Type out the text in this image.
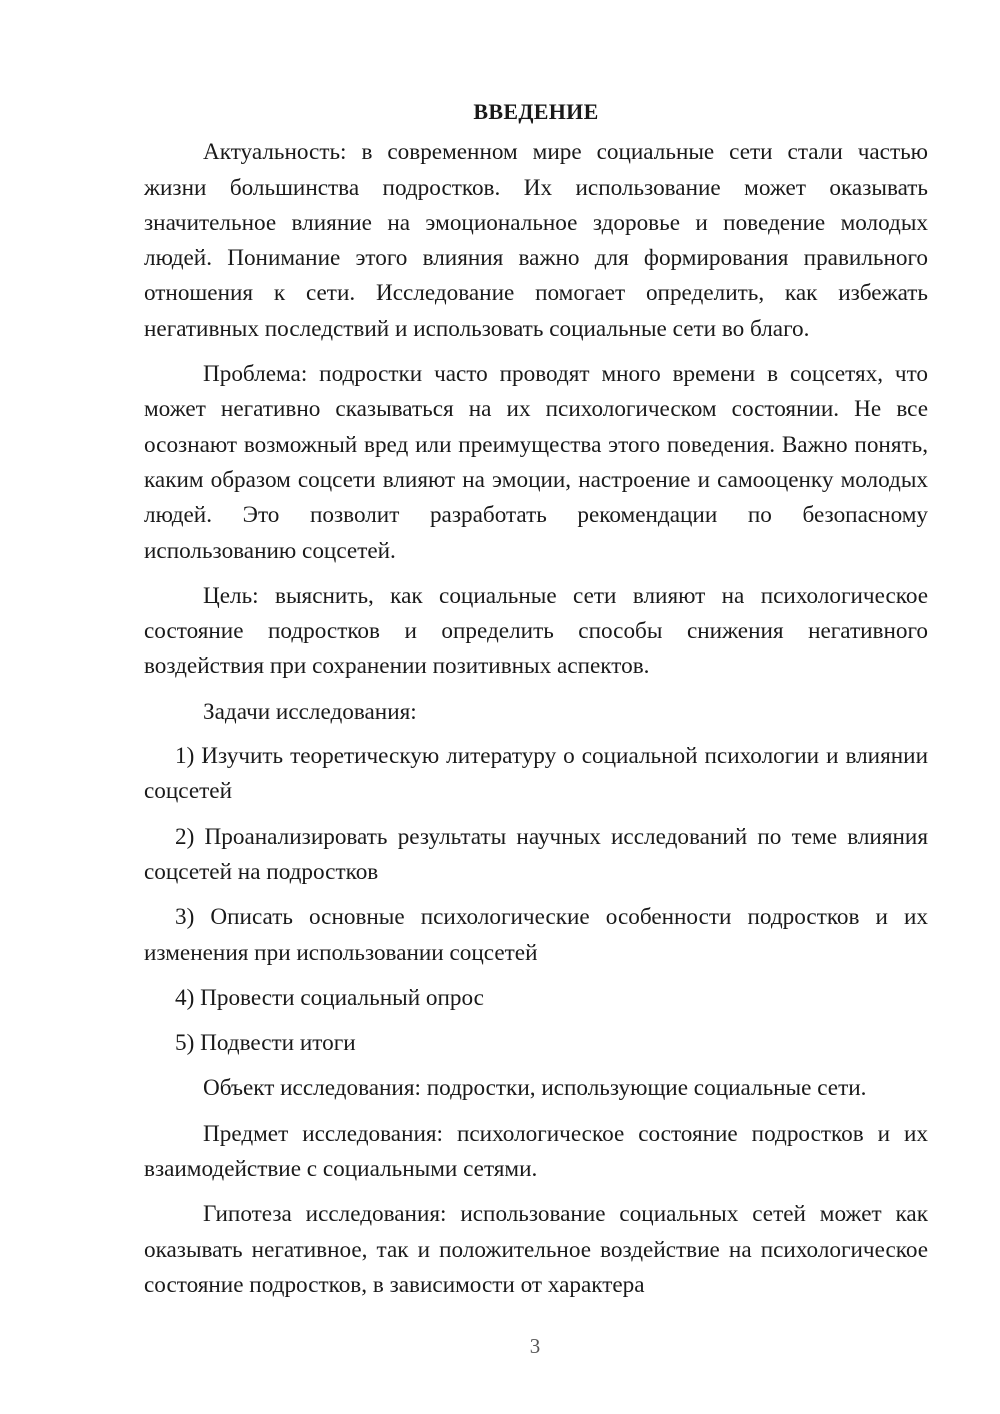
ВВЕДЕНИЕ

Актуальность: в современном мире социальные сети стали частью жизни большинства подростков. Их использование может оказывать значительное влияние на эмоциональное здоровье и поведение молодых людей. Понимание этого влияния важно для формирования правильного отношения к сети. Исследование помогает определить, как избежать негативных последствий и использовать социальные сети во благо.

Проблема: подростки часто проводят много времени в соцсетях, что может негативно сказываться на их психологическом состоянии. Не все осознают возможный вред или преимущества этого поведения. Важно понять, каким образом соцсети влияют на эмоции, настроение и самооценку молодых людей. Это позволит разработать рекомендации по безопасному использованию соцсетей.

Цель: выяснить, как социальные сети влияют на психологическое состояние подростков и определить способы снижения негативного воздействия при сохранении позитивных аспектов.

Задачи исследования:

1) Изучить теоретическую литературу о социальной психологии и влиянии соцсетей

2) Проанализировать результаты научных исследований по теме влияния соцсетей на подростков

3) Описать основные психологические особенности подростков и их изменения при использовании соцсетей

4) Провести социальный опрос

5) Подвести итоги

Объект исследования: подростки, использующие социальные сети.

Предмет исследования: психологическое состояние подростков и их взаимодействие с социальными сетями.

Гипотеза исследования: использование социальных сетей может как оказывать негативное, так и положительное воздействие на психологическое состояние подростков, в зависимости от характера

3
